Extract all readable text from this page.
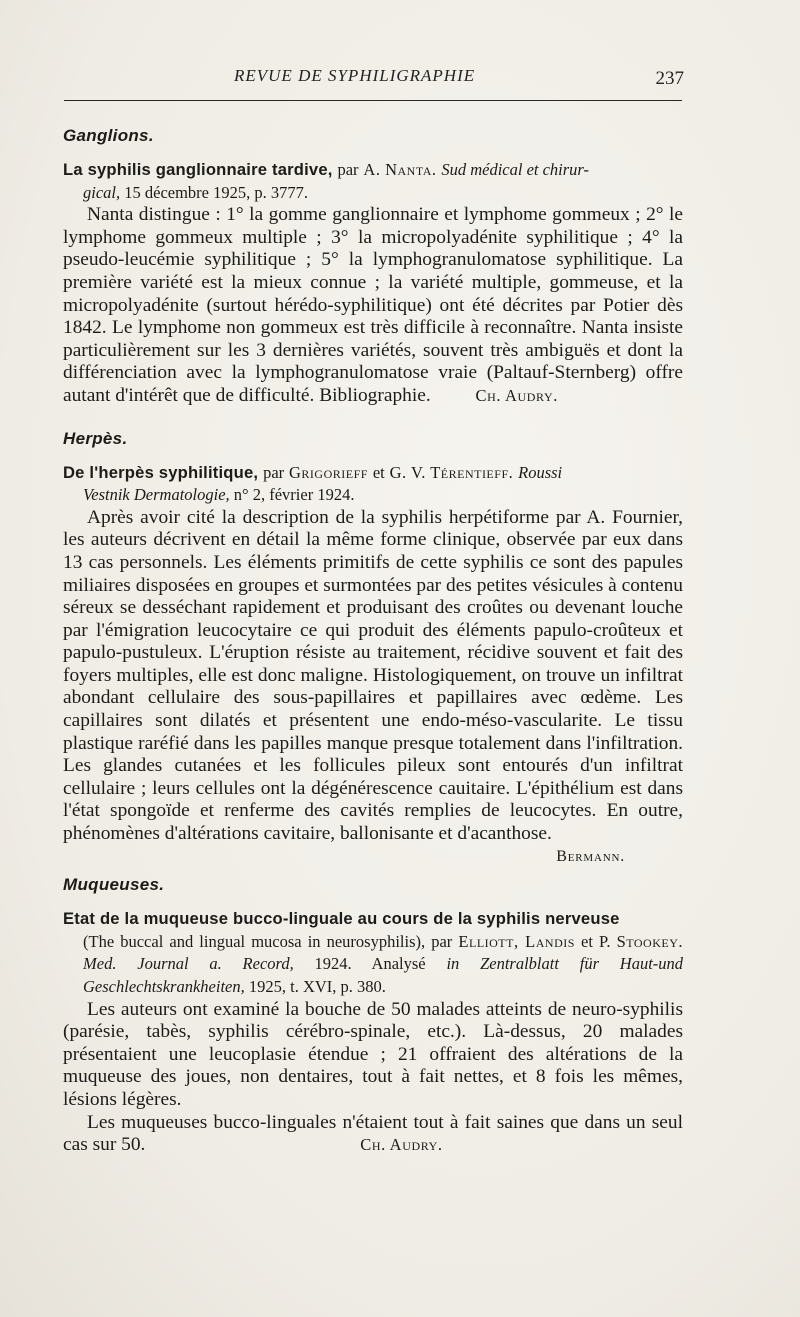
REVUE DE SYPHILIGRAPHIE	237
Ganglions.

La syphilis ganglionnaire tardive, par A. Nanta. Sud médical et chirur-

gical, 15 décembre 1925, p. 3777.

Nanta distingue : 1° la gomme ganglionnaire et lymphome gommeux ; 2° le lymphome gommeux multiple ; 3° la micropolyadénite syphilitique ; 4° la pseudo-leucémie syphilitique ; 5° la lymphogranulomatose syphilitique. La première variété est la mieux connue ; la variété multiple, gommeuse, et la micropolyadénite (surtout hérédo-syphilitique) ont été décrites par Potier dès 1842. Le lymphome non gommeux est très difficile à reconnaître. Nanta insiste particulièrement sur les 3 dernières variétés, souvent très ambiguës et dont la différenciation avec la lymphogranulomatose vraie (Paltauf-Sternberg) offre autant d'intérêt que de difficulté. Bibliographie.	Ch. Audry.

Herpès.

De l'herpès syphilitique, par Grigorieff et G. V. Térentieff. Roussi

Vestnik Dermatologie, n° 2, février 1924.

Après avoir cité la description de la syphilis herpétiforme par A. Fournier, les auteurs décrivent en détail la même forme clinique, observée par eux dans 13 cas personnels. Les éléments primitifs de cette syphilis ce sont des papules miliaires disposées en groupes et surmontées par des petites vésicules à contenu séreux se desséchant rapidement et produisant des croûtes ou devenant louche par l'émigration leucocytaire ce qui produit des éléments papulo-croûteux et papulo-pustuleux. L'éruption résiste au traitement, récidive souvent et fait des foyers multiples, elle est donc maligne. Histologiquement, on trouve un infiltrat abondant cellulaire des sous-papillaires et papillaires avec œdème. Les capillaires sont dilatés et présentent une endo-méso-vascularite. Le tissu plastique raréfié dans les papilles manque presque totalement dans l'infiltration. Les glandes cutanées et les follicules pileux sont entourés d'un infiltrat cellulaire ; leurs cellules ont la dégénérescence cauitaire. L'épithélium est dans l'état spongoïde et renferme des cavités remplies de leucocytes. En outre, phénomènes d'altérations cavitaire, ballonisante et d'acanthose.

Bermann.

Muqueuses.

Etat de la muqueuse bucco-linguale au cours de la syphilis nerveuse

(The buccal and lingual mucosa in neurosyphilis), par Elliott, Landis et P. Stookey. Med. Journal a. Record, 1924. Analysé in Zentralblatt für Haut-und Geschlechtskrankheiten, 1925, t. XVI, p. 380.

Les auteurs ont examiné la bouche de 50 malades atteints de neuro-syphilis (parésie, tabès, syphilis cérébro-spinale, etc.). Là-dessus, 20 malades présentaient une leucoplasie étendue ; 21 offraient des altérations de la muqueuse des joues, non dentaires, tout à fait nettes, et 8 fois les mêmes, lésions légères.

Les muqueuses bucco-linguales n'étaient tout à fait saines que dans un seul cas sur 50.	Ch. Audry.
